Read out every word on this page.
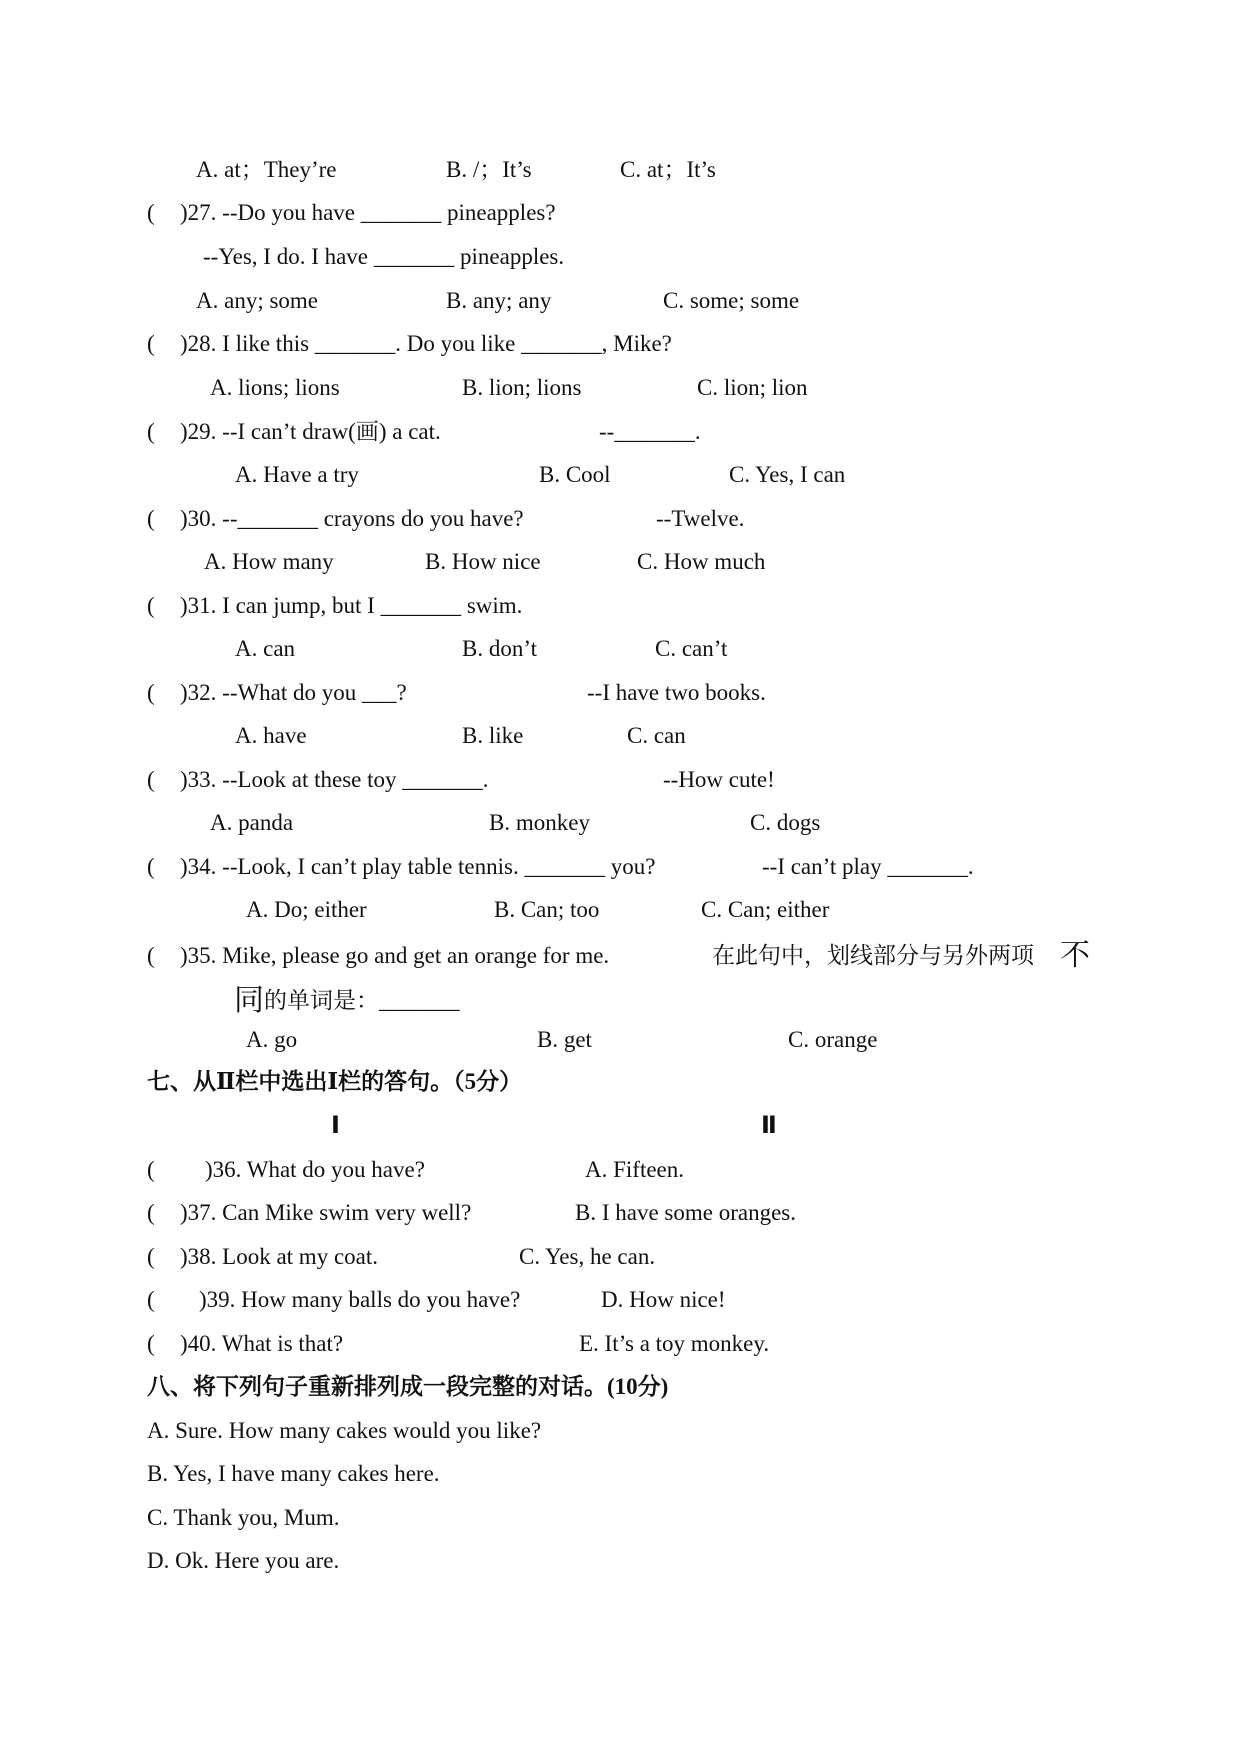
A. at；They’re	B. /；It’s	C. at；It’s
( )27. --Do you have _______ pineapples?
--Yes, I do. I have _______ pineapples.
A. any; some	B. any; any	C. some; some
( )28. I like this _______. Do you like _______, Mike?
A. lions; lions	B. lion; lions	C. lion; lion
( )29. --I can’t draw(画) a cat.	--_______.
A. Have a try	B. Cool	C. Yes, I can
( )30. --_______ crayons do you have?	--Twelve.
A. How many	B. How nice	C. How much
( )31. I can jump, but I _______ swim.
A. can	B. don’t	C. can’t
( )32. --What do you ___?	--I have two books.
A. have	B. like	C. can
( )33. --Look at these toy _______.	--How cute!
A. panda	B. monkey	C. dogs
( )34. --Look, I can’t play table tennis. _______ you?	--I can’t play _______.
A. Do; either	B. Can; too	C. Can; either
( )35. Mike, please go and get an orange for me.	在此句中，划线部分与另外两项 不
同 的单词是：_______
A. go	B. get	C. orange
七、从Ⅱ栏中选出Ⅰ栏的答句。（5分）
Ⅰ	Ⅱ
( )36. What do you have?	A. Fifteen.
( )37. Can Mike swim very well?	B. I have some oranges.
( )38. Look at my coat.	C. Yes, he can.
( )39. How many balls do you have?	D. How nice!
( )40. What is that?	E. It’s a toy monkey.
八、将下列句子重新排列成一段完整的对话。(10分)
A. Sure. How many cakes would you like?
B. Yes, I have many cakes here.
C. Thank you, Mum.
D. Ok. Here you are.
